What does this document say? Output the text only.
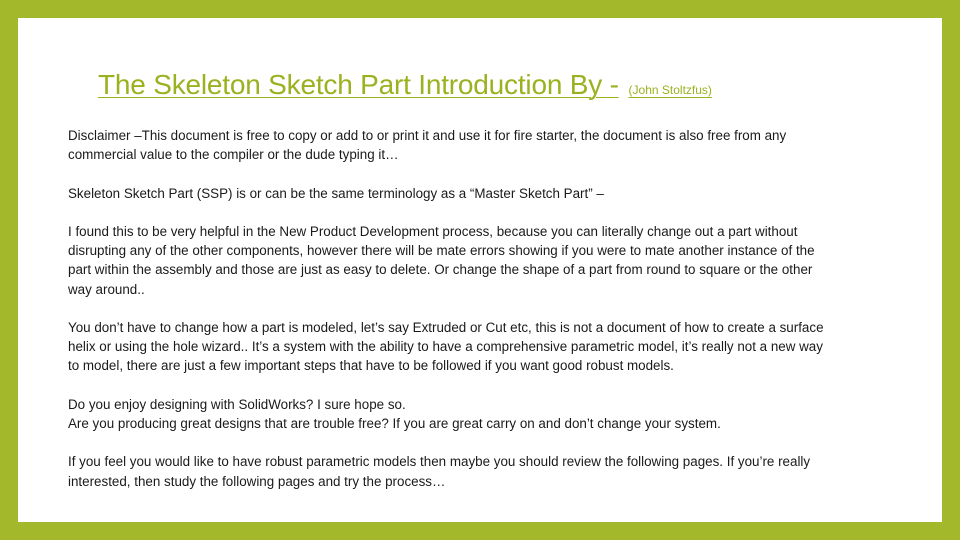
The Skeleton Sketch Part Introduction By - (John Stoltzfus)

Disclaimer –This document is free to copy or add to or print it and use it for fire starter, the document is also free from any
commercial value to the compiler or the dude typing it…

Skeleton Sketch Part (SSP) is or can be the same terminology as a “Master Sketch Part” –

I found this to be very helpful in the New Product Development process, because you can literally change out a part without
disrupting any of the other components, however there will be mate errors showing if you were to mate another instance of the
part within the assembly and those are just as easy to delete. Or change the shape of a part from round to square or the other
way around..

You don’t have to change how a part is modeled, let’s say Extruded or Cut etc, this is not a document of how to create a surface
helix or using the hole wizard.. It’s a system with the ability to have a comprehensive parametric model, it’s really not a new way
to model, there are just a few important steps that have to be followed if you want good robust models.

Do you enjoy designing with SolidWorks? I sure hope so.
Are you producing great designs that are trouble free? If you are great carry on and don’t change your system.

If you feel you would like to have robust parametric models then maybe you should review the following pages. If you’re really
interested, then study the following pages and try the process…
